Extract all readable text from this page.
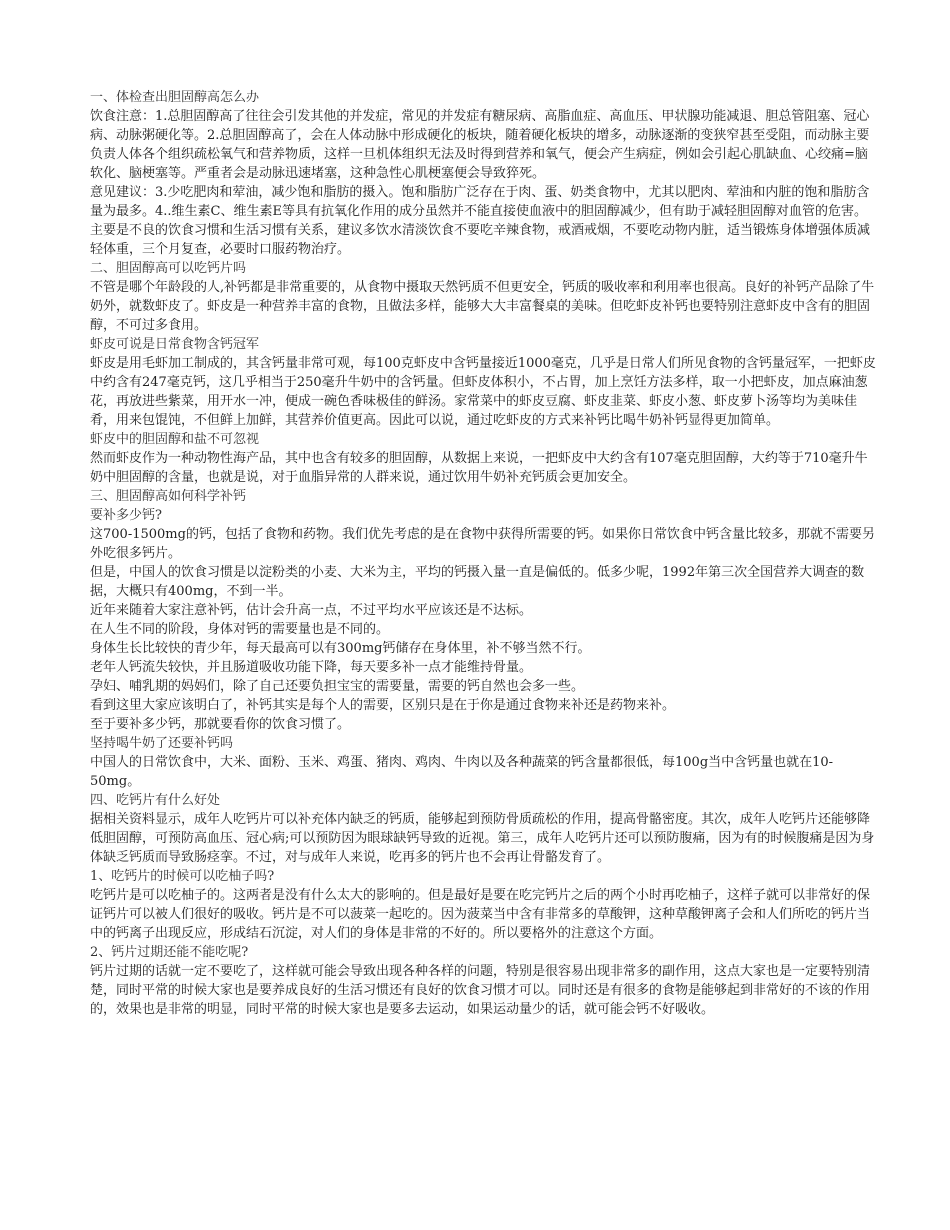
一、体检查出胆固醇高怎么办
饮食注意：1.总胆固醇高了往往会引发其他的并发症，常见的并发症有糖尿病、高脂血症、高血压、甲状腺功能减退、胆总管阻塞、冠心病、动脉粥硬化等。2.总胆固醇高了，会在人体动脉中形成硬化的板块，随着硬化板块的增多，动脉逐渐的变狭窄甚至受阻，而动脉主要负责人体各个组织疏松氧气和营养物质，这样一旦机体组织无法及时得到营养和氧气，便会产生病症，例如会引起心肌缺血、心绞痛=脑软化、脑梗塞等。严重者会是动脉迅速堵塞，这种急性心肌梗塞便会导致猝死。
意见建议：3.少吃肥肉和荤油，减少饱和脂肪的摄入。饱和脂肪广泛存在于肉、蛋、奶类食物中，尤其以肥肉、荤油和内脏的饱和脂肪含量为最多。4..维生素C、维生素E等具有抗氧化作用的成分虽然并不能直接使血液中的胆固醇减少，但有助于减轻胆固醇对血管的危害。
主要是不良的饮食习惯和生活习惯有关系，建议多饮水清淡饮食不要吃辛辣食物，戒酒戒烟，不要吃动物内脏，适当锻炼身体增强体质减轻体重，三个月复查，必要时口服药物治疗。
二、胆固醇高可以吃钙片吗
不管是哪个年龄段的人,补钙都是非常重要的，从食物中摄取天然钙质不但更安全，钙质的吸收率和利用率也很高。良好的补钙产品除了牛奶外，就数虾皮了。虾皮是一种营养丰富的食物，且做法多样，能够大大丰富餐桌的美味。但吃虾皮补钙也要特别注意虾皮中含有的胆固醇，不可过多食用。
虾皮可说是日常食物含钙冠军
虾皮是用毛虾加工制成的，其含钙量非常可观，每100克虾皮中含钙量接近1000毫克，几乎是日常人们所见食物的含钙量冠军，一把虾皮中约含有247毫克钙，这几乎相当于250毫升牛奶中的含钙量。但虾皮体积小，不占胃，加上烹饪方法多样，取一小把虾皮，加点麻油葱花，再放进些紫菜，用开水一冲，便成一碗色香味极佳的鲜汤。家常菜中的虾皮豆腐、虾皮韭菜、虾皮小葱、虾皮萝卜汤等均为美味佳肴，用来包馄饨，不但鲜上加鲜，其营养价值更高。因此可以说，通过吃虾皮的方式来补钙比喝牛奶补钙显得更加简单。
虾皮中的胆固醇和盐不可忽视
然而虾皮作为一种动物性海产品，其中也含有较多的胆固醇，从数据上来说，一把虾皮中大约含有107毫克胆固醇，大约等于710毫升牛奶中胆固醇的含量，也就是说，对于血脂异常的人群来说，通过饮用牛奶补充钙质会更加安全。
三、胆固醇高如何科学补钙
要补多少钙?
这700-1500mg的钙，包括了食物和药物。我们优先考虑的是在食物中获得所需要的钙。如果你日常饮食中钙含量比较多，那就不需要另外吃很多钙片。
但是，中国人的饮食习惯是以淀粉类的小麦、大米为主，平均的钙摄入量一直是偏低的。低多少呢，1992年第三次全国营养大调查的数据，大概只有400mg，不到一半。
近年来随着大家注意补钙，估计会升高一点，不过平均水平应该还是不达标。
在人生不同的阶段，身体对钙的需要量也是不同的。
身体生长比较快的青少年，每天最高可以有300mg钙储存在身体里，补不够当然不行。
老年人钙流失较快，并且肠道吸收功能下降，每天要多补一点才能维持骨量。
孕妇、哺乳期的妈妈们，除了自己还要负担宝宝的需要量，需要的钙自然也会多一些。
看到这里大家应该明白了，补钙其实是每个人的需要，区别只是在于你是通过食物来补还是药物来补。
至于要补多少钙，那就要看你的饮食习惯了。
坚持喝牛奶了还要补钙吗
中国人的日常饮食中，大米、面粉、玉米、鸡蛋、猪肉、鸡肉、牛肉以及各种蔬菜的钙含量都很低，每100g当中含钙量也就在10-50mg。
四、吃钙片有什么好处
据相关资料显示，成年人吃钙片可以补充体内缺乏的钙质，能够起到预防骨质疏松的作用，提高骨骼密度。其次，成年人吃钙片还能够降低胆固醇，可预防高血压、冠心病;可以预防因为眼球缺钙导致的近视。第三，成年人吃钙片还可以预防腹痛，因为有的时候腹痛是因为身体缺乏钙质而导致肠痉挛。不过，对与成年人来说，吃再多的钙片也不会再让骨骼发育了。
1、吃钙片的时候可以吃柚子吗?
吃钙片是可以吃柚子的。这两者是没有什么太大的影响的。但是最好是要在吃完钙片之后的两个小时再吃柚子，这样子就可以非常好的保证钙片可以被人们很好的吸收。钙片是不可以菠菜一起吃的。因为菠菜当中含有非常多的草酸钾，这种草酸钾离子会和人们所吃的钙片当中的钙离子出现反应，形成结石沉淀，对人们的身体是非常的不好的。所以要格外的注意这个方面。
2、钙片过期还能不能吃呢?
钙片过期的话就一定不要吃了，这样就可能会导致出现各种各样的问题，特别是很容易出现非常多的副作用，这点大家也是一定要特别清楚，同时平常的时候大家也是要养成良好的生活习惯还有良好的饮食习惯才可以。同时还是有很多的食物是能够起到非常好的不该的作用的，效果也是非常的明显，同时平常的时候大家也是要多去运动，如果运动量少的话，就可能会钙不好吸收。
